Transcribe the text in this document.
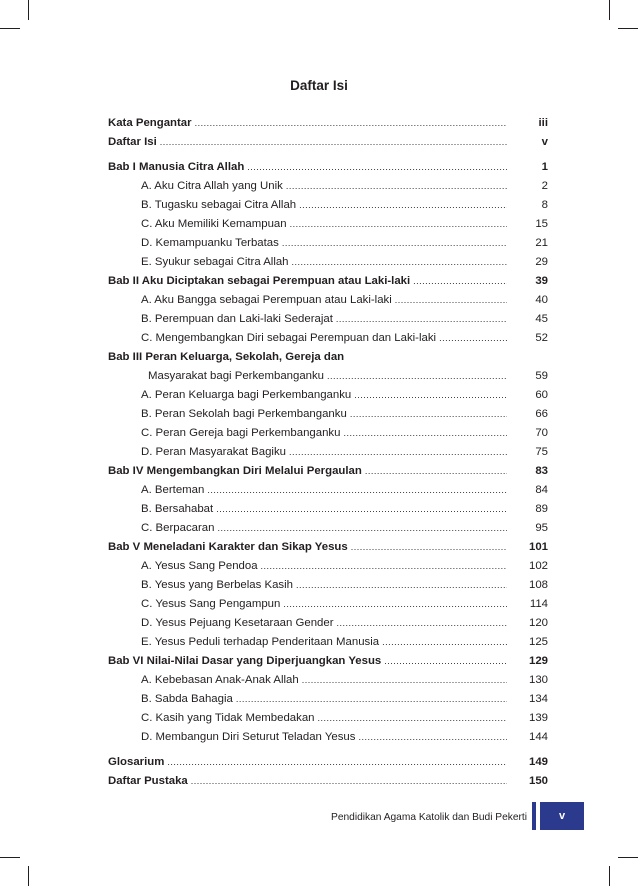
Daftar Isi
Kata Pengantar .....	iii
Daftar Isi .....	v
Bab I Manusia Citra Allah .....	1
A. Aku Citra Allah yang Unik .....	2
B. Tugasku sebagai Citra Allah .....	8
C. Aku Memiliki Kemampuan .....	15
D. Kemampuanku Terbatas .....	21
E. Syukur sebagai Citra Allah .....	29
Bab II Aku Diciptakan sebagai Perempuan atau Laki-laki .....	39
A. Aku Bangga sebagai Perempuan atau Laki-laki .....	40
B. Perempuan dan Laki-laki Sederajat .....	45
C. Mengembangkan Diri sebagai Perempuan dan Laki-laki .....	52
Bab III Peran Keluarga, Sekolah, Gereja dan
Masyarakat bagi Perkembanganku .....	59
A. Peran Keluarga bagi Perkembanganku .....	60
B. Peran Sekolah bagi Perkembanganku .....	66
C. Peran Gereja bagi Perkembanganku .....	70
D. Peran Masyarakat Bagiku .....	75
Bab IV Mengembangkan Diri Melalui Pergaulan .....	83
A. Berteman .....	84
B. Bersahabat .....	89
C. Berpacaran .....	95
Bab V Meneladani Karakter dan Sikap Yesus .....	101
A. Yesus Sang Pendoa .....	102
B. Yesus yang Berbelas Kasih .....	108
C. Yesus Sang Pengampun .....	114
D. Yesus Pejuang Kesetaraan Gender .....	120
E. Yesus Peduli terhadap Penderitaan Manusia .....	125
Bab VI Nilai-Nilai Dasar yang Diperjuangkan Yesus .....	129
A. Kebebasan Anak-Anak Allah .....	130
B. Sabda Bahagia .....	134
C. Kasih yang Tidak Membedakan .....	139
D. Membangun Diri Seturut Teladan Yesus .....	144
Glosarium .....	149
Daftar Pustaka .....	150
Pendidikan Agama Katolik dan Budi Pekerti	v
